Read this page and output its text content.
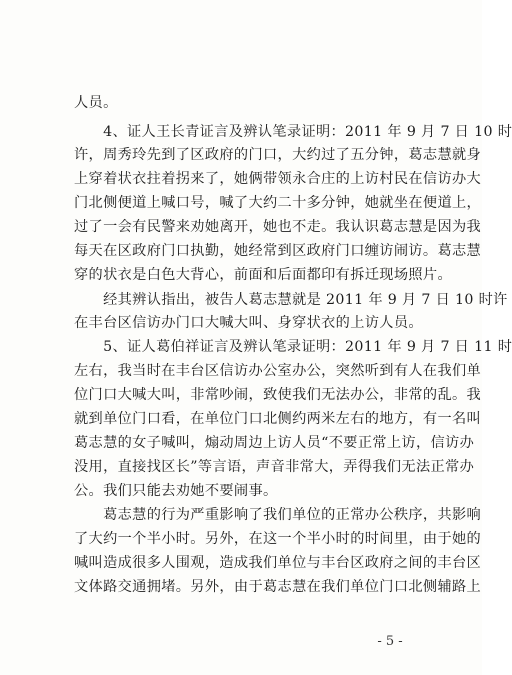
人员。
　　4、证人王长青证言及辨认笔录证明：2011 年 9 月 7 日 10 时
许，周秀玲先到了区政府的门口，大约过了五分钟，葛志慧就身
上穿着状衣拄着拐来了，她俩带领永合庄的上访村民在信访办大
门北侧便道上喊口号，喊了大约二十多分钟，她就坐在便道上，
过了一会有民警来劝她离开，她也不走。我认识葛志慧是因为我
每天在区政府门口执勤，她经常到区政府门口缠访闹访。葛志慧
穿的状衣是白色大背心，前面和后面都印有拆迁现场照片。
　　经其辨认指出，被告人葛志慧就是 2011 年 9 月 7 日 10 时许
在丰台区信访办门口大喊大叫、身穿状衣的上访人员。
　　5、证人葛伯祥证言及辨认笔录证明：2011 年 9 月 7 日 11 时
左右，我当时在丰台区信访办公室办公，突然听到有人在我们单
位门口大喊大叫，非常吵闹，致使我们无法办公，非常的乱。我
就到单位门口看，在单位门口北侧约两米左右的地方，有一名叫
葛志慧的女子喊叫，煽动周边上访人员“不要正常上访，信访办
没用，直接找区长”等言语，声音非常大，弄得我们无法正常办
公。我们只能去劝她不要闹事。
　　葛志慧的行为严重影响了我们单位的正常办公秩序，共影响
了大约一个半小时。另外，在这一个半小时的时间里，由于她的
喊叫造成很多人围观，造成我们单位与丰台区政府之间的丰台区
文体路交通拥堵。另外，由于葛志慧在我们单位门口北侧辅路上
- 5 -
